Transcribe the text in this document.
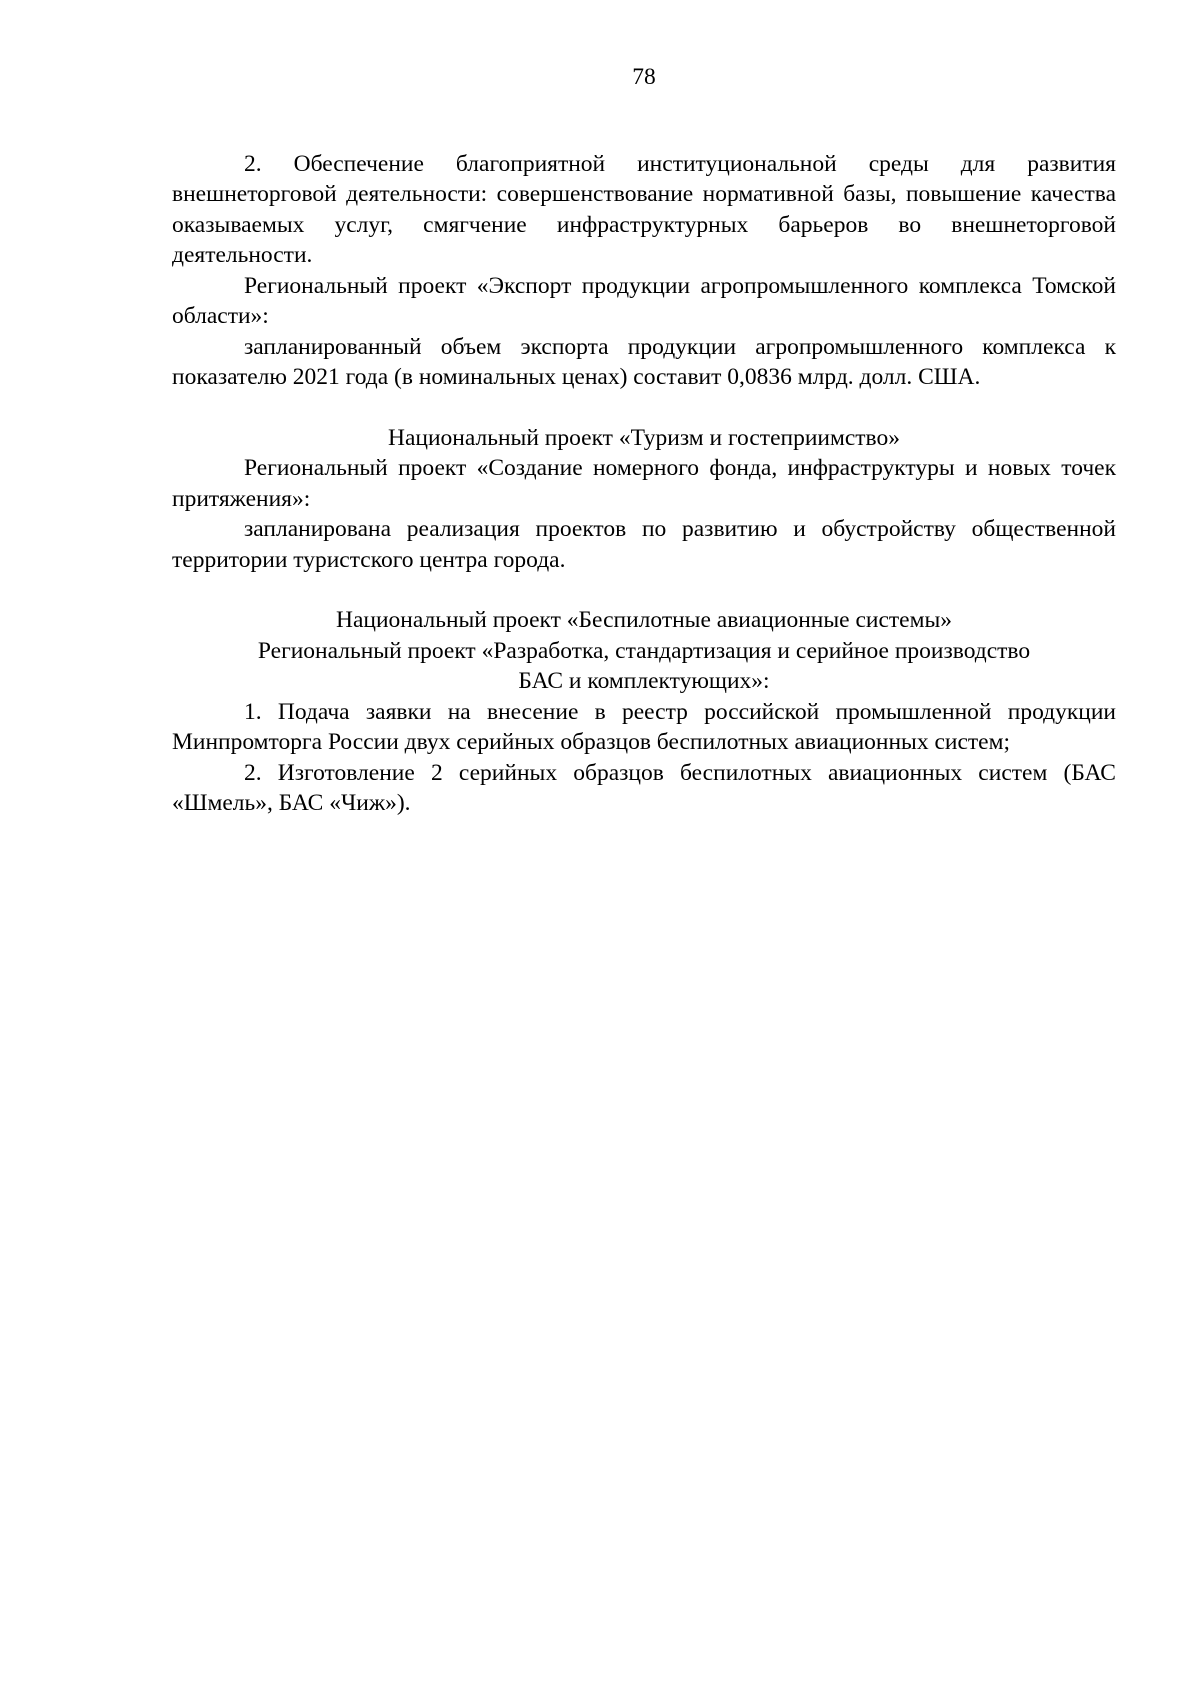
78

2. Обеспечение благоприятной институциональной среды для развития внешнеторговой деятельности: совершенствование нормативной базы, повышение качества оказываемых услуг, смягчение инфраструктурных барьеров во внешнеторговой деятельности.

Региональный проект «Экспорт продукции агропромышленного комплекса Томской области»:

запланированный объем экспорта продукции агропромышленного комплекса к показателю 2021 года (в номинальных ценах) составит 0,0836 млрд. долл. США.

Национальный проект «Туризм и гостеприимство»

Региональный проект «Создание номерного фонда, инфраструктуры и новых точек притяжения»:

запланирована реализация проектов по развитию и обустройству общественной территории туристского центра города.

Национальный проект «Беспилотные авиационные системы»

Региональный проект «Разработка, стандартизация и серийное производство

БАС и комплектующих»:

1. Подача заявки на внесение в реестр российской промышленной продукции Минпромторга России двух серийных образцов беспилотных авиационных систем;

2. Изготовление 2 серийных образцов беспилотных авиационных систем (БАС «Шмель», БАС «Чиж»).
